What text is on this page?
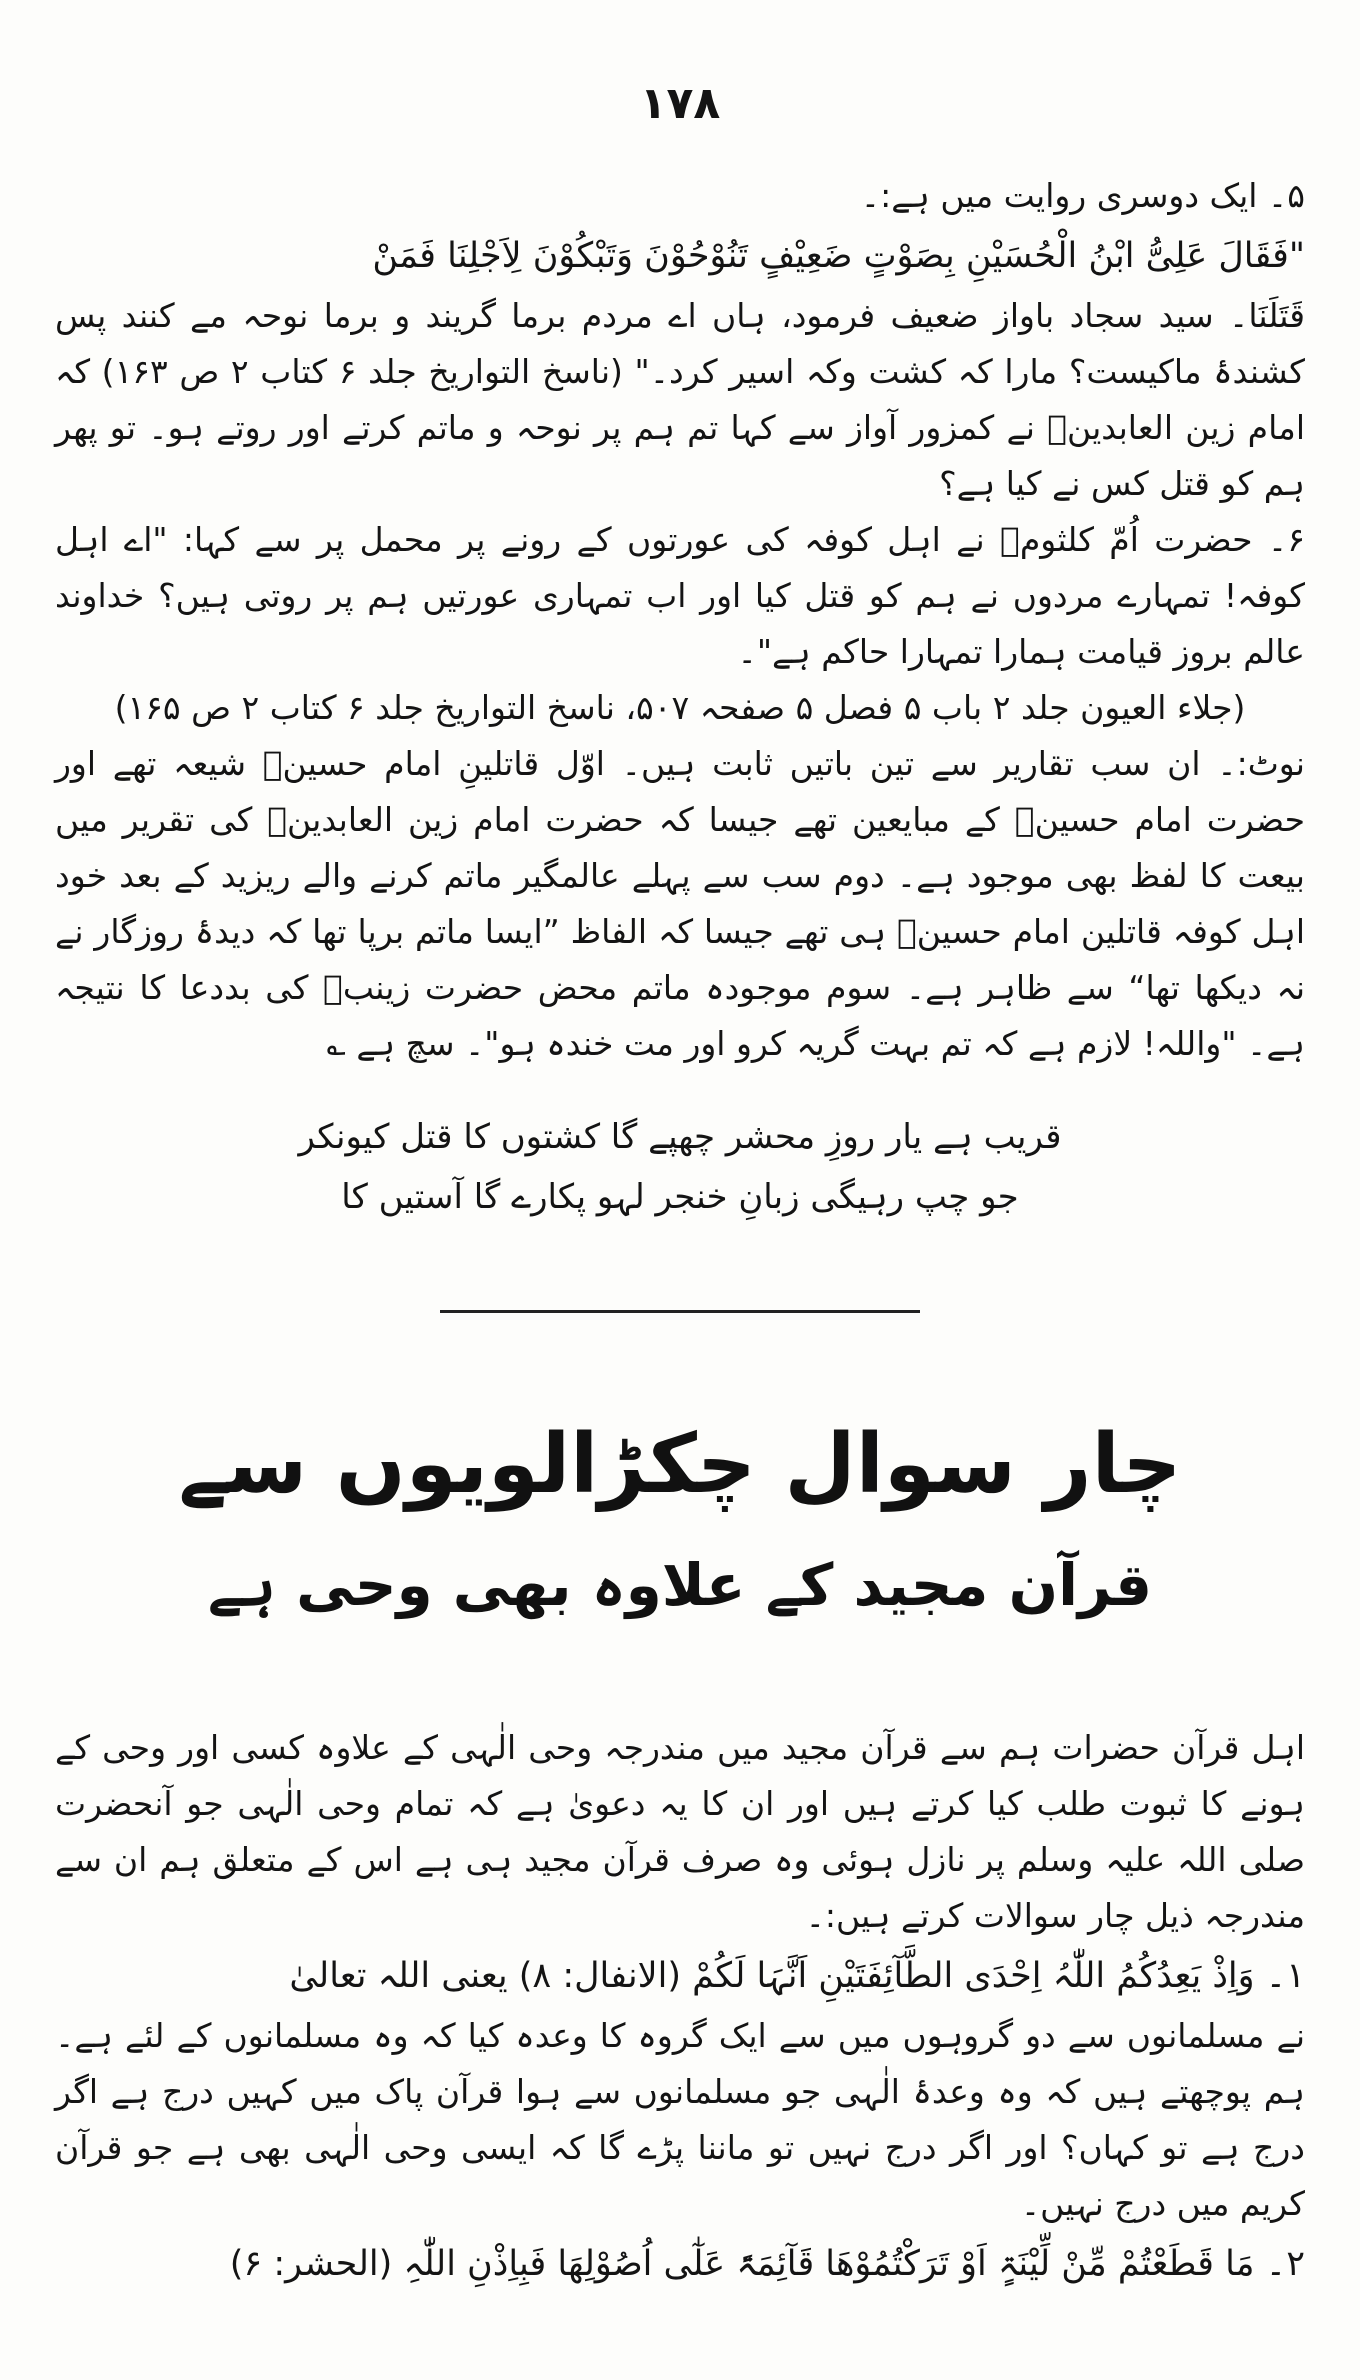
۱۷۸

۵۔ ایک دوسری روایت میں ہے:۔

"فَقَالَ عَلِیُّ ابْنُ الْحُسَیْنِ بِصَوْتٍ ضَعِیْفٍ تَنُوْحُوْنَ وَتَبْکُوْنَ لِاَجْلِنَا فَمَنْ

قَتَلَنَا۔ سید سجاد باواز ضعیف فرمود، ہاں اے مردم برما گریند و برما نوحہ مے کنند پس کشندۂ ماکیست؟ مارا کہ کشت وکہ اسیر کرد۔" (ناسخ التواریخ جلد ۶ کتاب ۲ ص ۱۶۳) کہ امام زین العابدینؓ نے کمزور آواز سے کہا تم ہم پر نوحہ و ماتم کرتے اور روتے ہو۔ تو پھر ہم کو قتل کس نے کیا ہے؟

۶۔ حضرت اُمّ کلثومؓ نے اہل کوفہ کی عورتوں کے رونے پر محمل پر سے کہا: "اے اہل کوفہ! تمہارے مردوں نے ہم کو قتل کیا اور اب تمہاری عورتیں ہم پر روتی ہیں؟ خداوند عالم بروز قیامت ہمارا تمہارا حاکم ہے"۔

(جلاء العیون جلد ۲ باب ۵ فصل ۵ صفحہ ۵۰۷، ناسخ التواریخ جلد ۶ کتاب ۲ ص ۱۶۵)

نوٹ:۔ ان سب تقاریر سے تین باتیں ثابت ہیں۔ اوّل قاتلینِ امام حسینؓ شیعہ تھے اور حضرت امام حسینؓ کے مبایعین تھے جیسا کہ حضرت امام زین العابدینؓ کی تقریر میں بیعت کا لفظ بھی موجود ہے۔ دوم سب سے پہلے عالمگیر ماتم کرنے والے ریزید کے بعد خود اہل کوفہ قاتلین امام حسینؓ ہی تھے جیسا کہ الفاظ ”ایسا ماتم برپا تھا کہ دیدۂ روزگار نے نہ دیکھا تھا“ سے ظاہر ہے۔ سوم موجودہ ماتم محض حضرت زینبؓ کی بددعا کا نتیجہ ہے۔ "واللہ! لازم ہے کہ تم بہت گریہ کرو اور مت خندہ ہو"۔ سچ ہے ؎

قریب ہے یار روزِ محشر چھپے گا کشتوں کا قتل کیونکر
جو چپ رہیگی زبانِ خنجر لہو پکارے گا آستیں کا
چار سوال چکڑالویوں سے
قرآن مجید کے علاوہ بھی وحی ہے

اہل قرآن حضرات ہم سے قرآن مجید میں مندرجہ وحی الٰہی کے علاوہ کسی اور وحی کے ہونے کا ثبوت طلب کیا کرتے ہیں اور ان کا یہ دعویٰ ہے کہ تمام وحی الٰہی جو آنحضرت صلی اللہ علیہ وسلم پر نازل ہوئی وہ صرف قرآن مجید ہی ہے اس کے متعلق ہم ان سے مندرجہ ذیل چار سوالات کرتے ہیں:۔

۱۔ وَاِذْ یَعِدُکُمُ اللّٰہُ اِحْدَی الطَّآئِفَتَیْنِ اَنَّہَا لَکُمْ (الانفال: ۸) یعنی اللہ تعالیٰ

نے مسلمانوں سے دو گروہوں میں سے ایک گروہ کا وعدہ کیا کہ وہ مسلمانوں کے لئے ہے۔ ہم پوچھتے ہیں کہ وہ وعدۂ الٰہی جو مسلمانوں سے ہوا قرآن پاک میں کہیں درج ہے اگر درج ہے تو کہاں؟ اور اگر درج نہیں تو ماننا پڑے گا کہ ایسی وحی الٰہی بھی ہے جو قرآن کریم میں درج نہیں۔

۲۔ مَا قَطَعْتُمْ مِّنْ لِّیْنَۃٍ اَوْ تَرَکْتُمُوْھَا قَآئِمَۃً عَلٰٓی اُصُوْلِھَا فَبِاِذْنِ اللّٰہِ (الحشر: ۶)
